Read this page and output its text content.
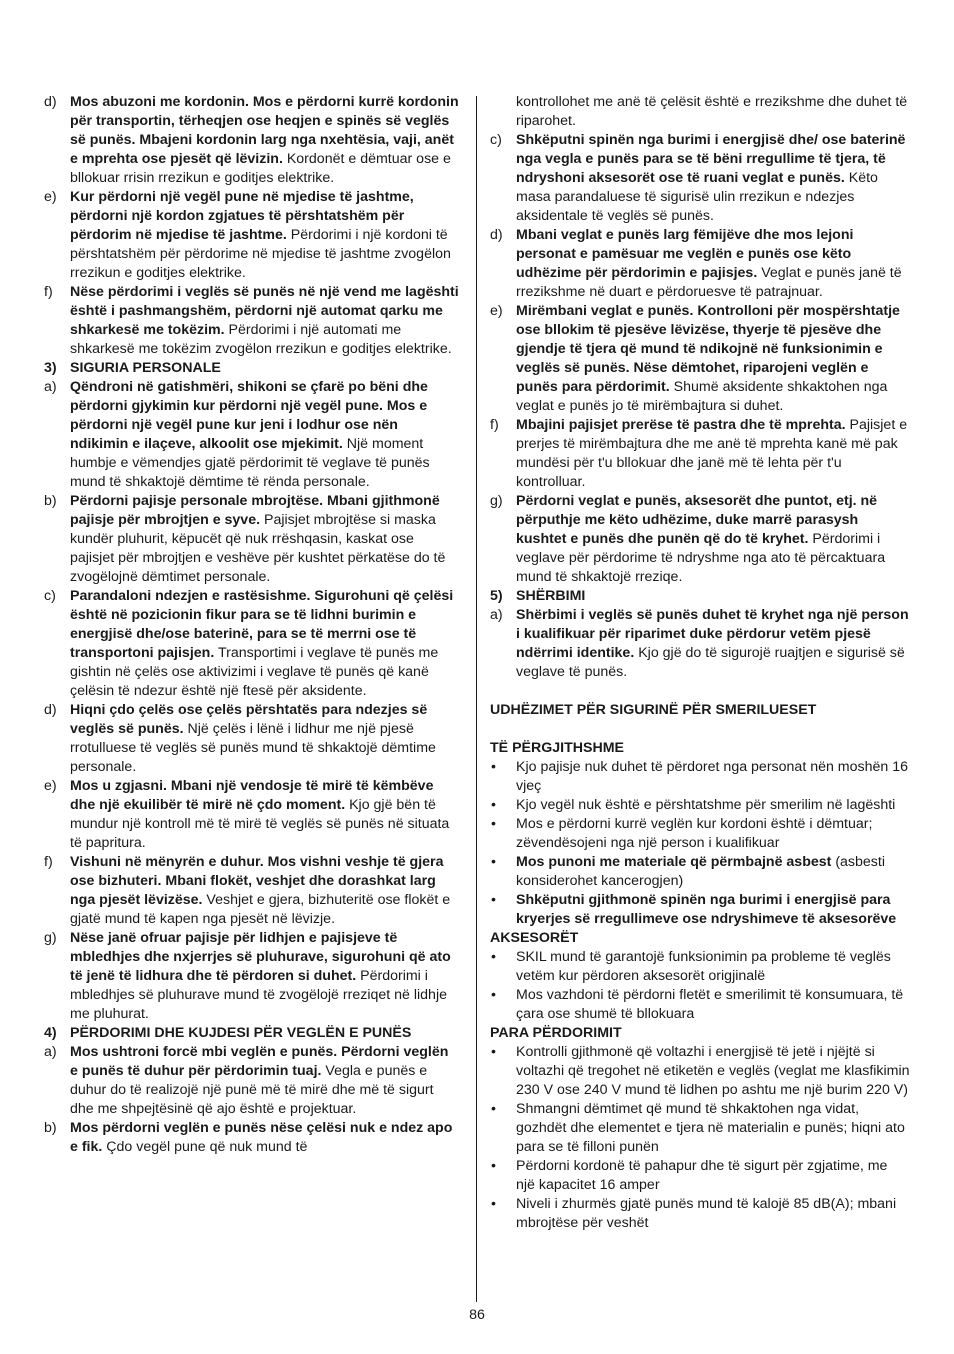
d) Mos abuzoni me kordonin. Mos e përdorni kurrë kordonin për transportin, tërheqjen ose heqjen e spinës së veglës së punës. Mbajeni kordonin larg nga nxehtësia, vaji, anët e mprehta ose pjesët që lëvizin. Kordonët e dëmtuar ose e bllokuar rrisin rrezikun e goditjes elektrike.
e) Kur përdorni një vegël pune në mjedise të jashtme, përdorni një kordon zgjatues të përshtatshëm për përdorim në mjedise të jashtme. Përdorimi i një kordoni të përshtatshëm për përdorime në mjedise të jashtme zvogëlon rrezikun e goditjes elektrike.
f) Nëse përdorimi i veglës së punës në një vend me lagështi është i pashmangshëm, përdorni një automat qarku me shkarkesë me tokëzim. Përdorimi i një automati me shkarkesë me tokëzim zvogëlon rrezikun e goditjes elektrike.
3) SIGURIA PERSONALE
a) Qëndroni në gatishmëri, shikoni se çfarë po bëni dhe përdorni gjykimin kur përdorni një vegël pune. Mos e përdorni një vegël pune kur jeni i lodhur ose nën ndikimin e ilaçeve, alkoolit ose mjekimit. Një moment humbje e vëmendjes gjatë përdorimit të veglave të punës mund të shkaktojë dëmtime të rënda personale.
b) Përdorni pajisje personale mbrojtëse. Mbani gjithmonë pajisje për mbrojtjen e syve. Pajisjet mbrojtëse si maska kundër pluhurit, këpucët që nuk rrëshqasin, kaskat ose pajisjet për mbrojtjen e veshëve për kushtet përkatëse do të zvogëlojnë dëmtimet personale.
c) Parandaloni ndezjen e rastësishme. Sigurohuni që çelësi është në pozicionin fikur para se të lidhni burimin e energjisë dhe/ose baterinë, para se të merrni ose të transportoni pajisjen. Transportimi i veglave të punës me gishtin në çelës ose aktivizimi i veglave të punës që kanë çelësin të ndezur është një ftesë për aksidente.
d) Hiqni çdo çelës ose çelës përshtatës para ndezjes së veglës së punës. Një çelës i lënë i lidhur me një pjesë rrotulluese të veglës së punës mund të shkaktojë dëmtime personale.
e) Mos u zgjasni. Mbani një vendosje të mirë të këmbëve dhe një ekuilibër të mirë në çdo moment. Kjo gjë bën të mundur një kontroll më të mirë të veglës së punës në situata të papritura.
f) Vishuni në mënyrën e duhur. Mos vishni veshje të gjera ose bizhuteri. Mbani flokët, veshjet dhe dorashkat larg nga pjesët lëvizëse. Veshjet e gjera, bizhuteritë ose flokët e gjatë mund të kapen nga pjesët në lëvizje.
g) Nëse janë ofruar pajisje për lidhjen e pajisjeve të mbledhjes dhe nxjerrjes së pluhurave, sigurohuni që ato të jenë të lidhura dhe të përdoren si duhet. Përdorimi i mbledhjes së pluhurave mund të zvogëlojë rreziqet në lidhje me pluhurat.
4) PËRDORIMI DHE KUJDESI PËR VEGLËN E PUNËS
a) Mos ushtroni forcë mbi veglën e punës. Përdorni veglën e punës të duhur për përdorimin tuaj. Vegla e punës e duhur do të realizojë një punë më të mirë dhe më të sigurt dhe me shpejtësinë që ajo është e projektuar.
b) Mos përdorni veglën e punës nëse çelësi nuk e ndez apo e fik. Çdo vegël pune që nuk mund të
kontrollohet me anë të çelësit është e rrezikshme dhe duhet të riparohet.
c) Shkëputni spinën nga burimi i energjisë dhe/ ose baterinë nga vegla e punës para se të bëni rregullime të tjera, të ndryshoni aksesorët ose të ruani veglat e punës. Këto masa parandaluese të sigurisë ulin rrezikun e ndezjes aksidentale të veglës së punës.
d) Mbani veglat e punës larg fëmijëve dhe mos lejoni personat e pamësuar me veglën e punës ose këto udhëzime për përdorimin e pajisjes. Veglat e punës janë të rrezikshme në duart e përdoruesve të patrajnuar.
e) Mirëmbani veglat e punës. Kontrolloni për mospërshtatje ose bllokim të pjesëve lëvizëse, thyerje të pjesëve dhe gjendje të tjera që mund të ndikojnë në funksionimin e veglës së punës. Nëse dëmtohet, riparojeni veglën e punës para përdorimit. Shumë aksidente shkaktohen nga veglat e punës jo të mirëmbajtura si duhet.
f) Mbajini pajisjet prerëse të pastra dhe të mprehta. Pajisjet e prerjes të mirëmbajtura dhe me anë të mprehta kanë më pak mundësi për t'u bllokuar dhe janë më të lehta për t'u kontrolluar.
g) Përdorni veglat e punës, aksesorët dhe puntot, etj. në përputhje me këto udhëzime, duke marrë parasysh kushtet e punës dhe punën që do të kryhet. Përdorimi i veglave për përdorime të ndryshme nga ato të përcaktuara mund të shkaktojë rreziqe.
5) SHËRBIMI
a) Shërbimi i veglës së punës duhet të kryhet nga një person i kualifikuar për riparimet duke përdorur vetëm pjesë ndërrimi identike. Kjo gjë do të sigurojë ruajtjen e sigurisë së veglave të punës.
UDHËZIMET PËR SIGURINË PËR SMERILUESET
TË PËRGJITHSHME
• Kjo pajisje nuk duhet të përdoret nga personat nën moshën 16 vjeç
• Kjo vegël nuk është e përshtatshme për smerilim në lagështi
• Mos e përdorni kurrë veglën kur kordoni është i dëmtuar; zëvendësojeni nga një person i kualifikuar
• Mos punoni me materiale që përmbajnë asbest (asbesti konsiderohet kancerogjen)
• Shkëputni gjithmonë spinën nga burimi i energjisë para kryerjes së rregullimeve ose ndryshimeve të aksesorëve
AKSESORËT
• SKIL mund të garantojë funksionimin pa probleme të veglës vetëm kur përdoren aksesorët origjinalë
• Mos vazhdoni të përdorni fletët e smerilimit të konsumuara, të çara ose shumë të bllokuara
PARA PËRDORIMIT
• Kontrolli gjithmonë që voltazhi i energjisë të jetë i njëjtë si voltazhi që tregohet në etiketën e veglës (veglat me klasfikimin 230 V ose 240 V mund të lidhen po ashtu me një burim 220 V)
• Shmangni dëmtimet që mund të shkaktohen nga vidat, gozhdët dhe elementet e tjera në materialin e punës; hiqni ato para se të filloni punën
• Përdorni kordonë të pahapur dhe të sigurt për zgjatime, me një kapacitet 16 amper
• Niveli i zhurmës gjatë punës mund të kalojë 85 dB(A); mbani mbrojtëse për veshët
86
